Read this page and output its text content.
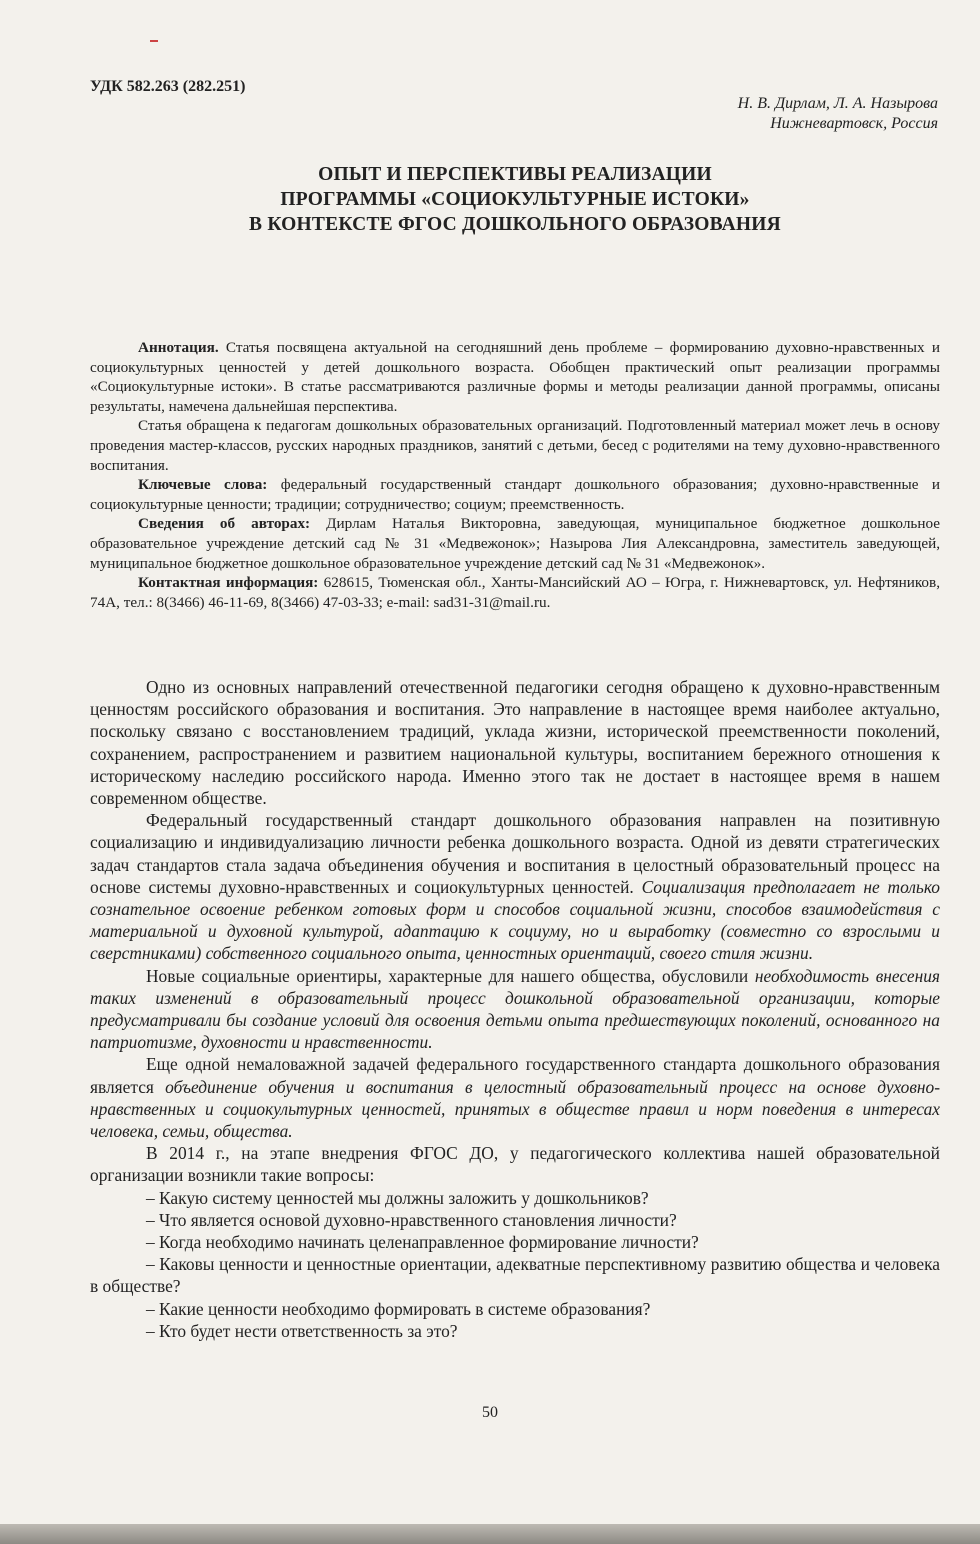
УДК 582.263 (282.251)
Н. В. Дирлам, Л. А. Назырова
Нижневартовск, Россия
ОПЫТ И ПЕРСПЕКТИВЫ РЕАЛИЗАЦИИ
ПРОГРАММЫ «СОЦИОКУЛЬТУРНЫЕ ИСТОКИ»
В КОНТЕКСТЕ ФГОС ДОШКОЛЬНОГО ОБРАЗОВАНИЯ

Аннотация. Статья посвящена актуальной на сегодняшний день проблеме – формированию духовно-нравственных и социокультурных ценностей у детей дошкольного возраста. Обобщен практический опыт реализации программы «Социокультурные истоки». В статье рассматриваются различные формы и методы реализации данной программы, описаны результаты, намечена дальнейшая перспектива.

Статья обращена к педагогам дошкольных образовательных организаций. Подготовленный материал может лечь в основу проведения мастер-классов, русских народных праздников, занятий с детьми, бесед с родителями на тему духовно-нравственного воспитания.

Ключевые слова: федеральный государственный стандарт дошкольного образования; духовно-нравственные и социокультурные ценности; традиции; сотрудничество; социум; преемственность.

Сведения об авторах: Дирлам Наталья Викторовна, заведующая, муниципальное бюджетное дошкольное образовательное учреждение детский сад № 31 «Медвежонок»; Назырова Лия Александровна, заместитель заведующей, муниципальное бюджетное дошкольное образовательное учреждение детский сад № 31 «Медвежонок».

Контактная информация: 628615, Тюменская обл., Ханты-Мансийский АО – Югра, г. Нижневартовск, ул. Нефтяников, 74А, тел.: 8(3466) 46-11-69, 8(3466) 47-03-33; e-mail: sad31-31@mail.ru.

Одно из основных направлений отечественной педагогики сегодня обращено к духовно-нравственным ценностям российского образования и воспитания. Это направление в настоящее время наиболее актуально, поскольку связано с восстановлением традиций, уклада жизни, исторической преемственности поколений, сохранением, распространением и развитием национальной культуры, воспитанием бережного отношения к историческому наследию российского народа. Именно этого так не достает в настоящее время в нашем современном обществе.

Федеральный государственный стандарт дошкольного образования направлен на позитивную социализацию и индивидуализацию личности ребенка дошкольного возраста. Одной из девяти стратегических задач стандартов стала задача объединения обучения и воспитания в целостный образовательный процесс на основе системы духовно-нравственных и социокультурных ценностей. Социализация предполагает не только сознательное освоение ребенком готовых форм и способов социальной жизни, способов взаимодействия с материальной и духовной культурой, адаптацию к социуму, но и выработку (совместно со взрослыми и сверстниками) собственного социального опыта, ценностных ориентаций, своего стиля жизни.

Новые социальные ориентиры, характерные для нашего общества, обусловили необходимость внесения таких изменений в образовательный процесс дошкольной образовательной организации, которые предусматривали бы создание условий для освоения детьми опыта предшествующих поколений, основанного на патриотизме, духовности и нравственности.

Еще одной немаловажной задачей федерального государственного стандарта дошкольного образования является объединение обучения и воспитания в целостный образовательный процесс на основе духовно-нравственных и социокультурных ценностей, принятых в обществе правил и норм поведения в интересах человека, семьи, общества.

В 2014 г., на этапе внедрения ФГОС ДО, у педагогического коллектива нашей образовательной организации возникли такие вопросы:

– Какую систему ценностей мы должны заложить у дошкольников?

– Что является основой духовно-нравственного становления личности?

– Когда необходимо начинать целенаправленное формирование личности?

– Каковы ценности и ценностные ориентации, адекватные перспективному развитию общества и человека в обществе?

– Какие ценности необходимо формировать в системе образования?

– Кто будет нести ответственность за это?

50
